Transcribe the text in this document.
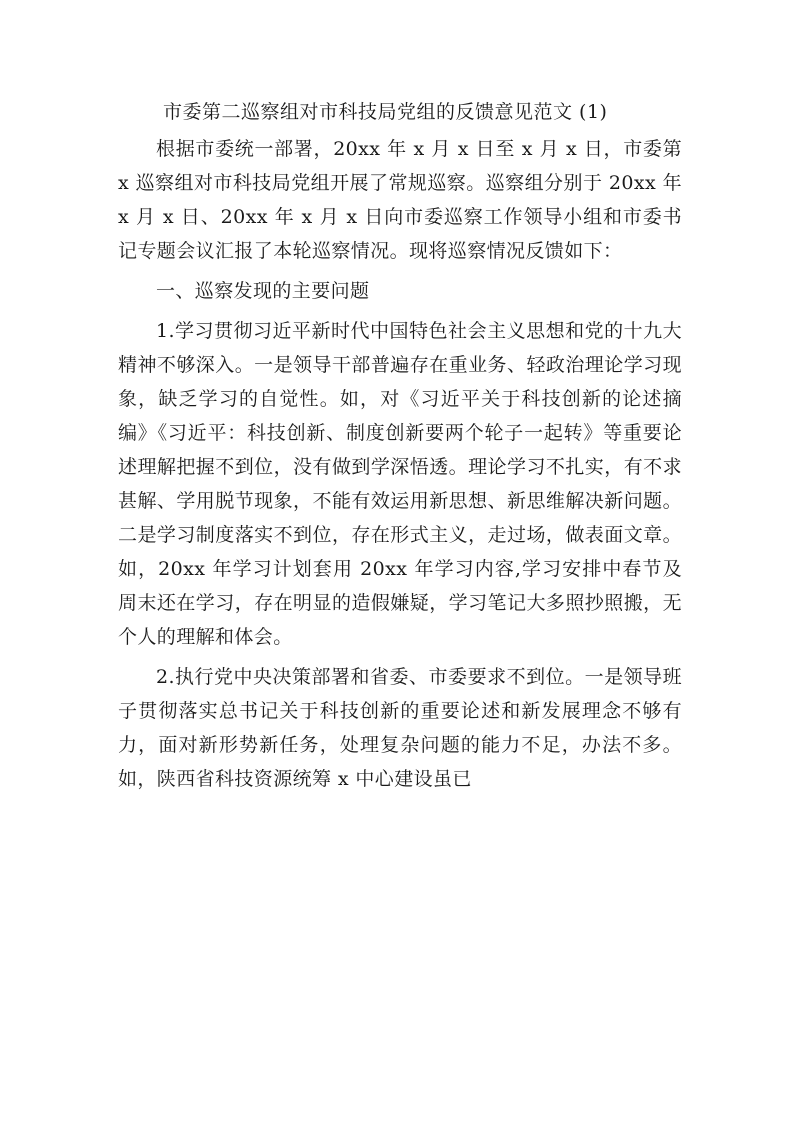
市委第二巡察组对市科技局党组的反馈意见范文 (1)

根据市委统一部署，20xx 年 x 月 x 日至 x 月 x 日，市委第 x 巡察组对市科技局党组开展了常规巡察。巡察组分别于 20xx 年 x 月 x 日、20xx 年 x 月 x 日向市委巡察工作领导小组和市委书记专题会议汇报了本轮巡察情况。现将巡察情况反馈如下：

一、巡察发现的主要问题

1.学习贯彻习近平新时代中国特色社会主义思想和党的十九大精神不够深入。一是领导干部普遍存在重业务、轻政治理论学习现象，缺乏学习的自觉性。如，对《习近平关于科技创新的论述摘编》《习近平：科技创新、制度创新要两个轮子一起转》等重要论述理解把握不到位，没有做到学深悟透。理论学习不扎实，有不求甚解、学用脱节现象，不能有效运用新思想、新思维解决新问题。二是学习制度落实不到位，存在形式主义，走过场，做表面文章。如，20xx 年学习计划套用 20xx 年学习内容,学习安排中春节及周末还在学习，存在明显的造假嫌疑，学习笔记大多照抄照搬，无个人的理解和体会。

2.执行党中央决策部署和省委、市委要求不到位。一是领导班子贯彻落实总书记关于科技创新的重要论述和新发展理念不够有力，面对新形势新任务，处理复杂问题的能力不足，办法不多。如，陕西省科技资源统筹 x 中心建设虽已
